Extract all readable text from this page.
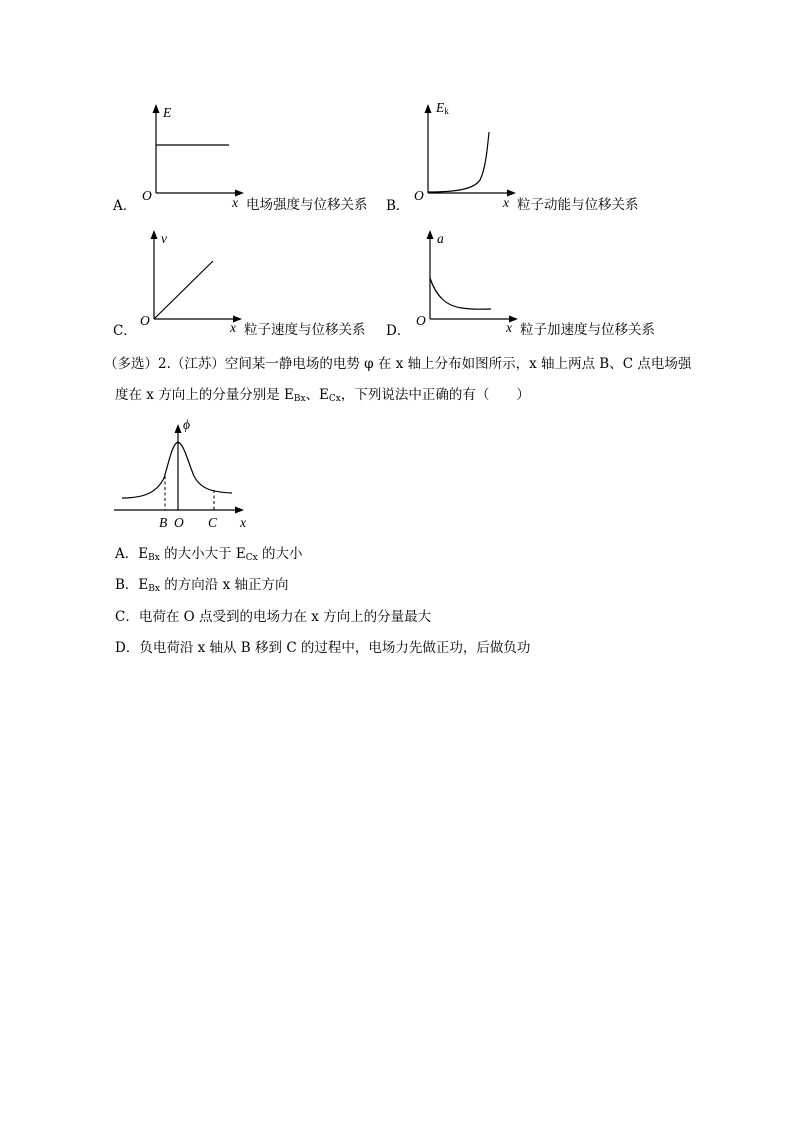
A．
E
O	x 电场强度与位移关系 B．
$E_k$
O	x 粒子动能与位移关系
C．
v
O	x 粒子速度与位移关系 D．
a
O	x 粒子加速度与位移关系
（多选）2.（江苏）空间某一静电场的电势 φ 在 x 轴上分布如图所示，x 轴上两点 B、C 点电场强
度在 x 方向上的分量分别是 $E_{Bx}$、$E_{Cx}$，下列说法中正确的有（　　）
ϕ
B O C x
A．$E_{Bx}$ 的大小大于 $E_{Cx}$ 的大小
B．$E_{Bx}$ 的方向沿 x 轴正方向
C．电荷在 O 点受到的电场力在 x 方向上的分量最大
D．负电荷沿 x 轴从 B 移到 C 的过程中，电场力先做正功，后做负功
